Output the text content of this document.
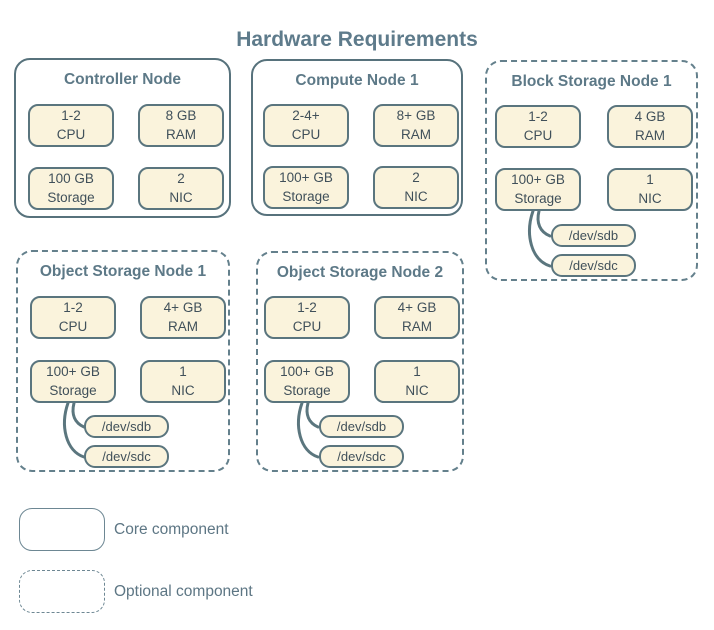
Hardware Requirements
Controller Node
1-2
CPU
8 GB
RAM
100 GB
Storage
2
NIC
Compute Node 1
2-4+
CPU
8+ GB
RAM
100+ GB
Storage
2
NIC
Block Storage Node 1
1-2
CPU
4 GB
RAM
100+ GB
Storage
1
NIC
/dev/sdb
/dev/sdc
Object Storage Node 1
1-2
CPU
4+ GB
RAM
100+ GB
Storage
1
NIC
/dev/sdb
/dev/sdc
Object Storage Node 2
1-2
CPU
4+ GB
RAM
100+ GB
Storage
1
NIC
/dev/sdb
/dev/sdc
Core component
Optional component
